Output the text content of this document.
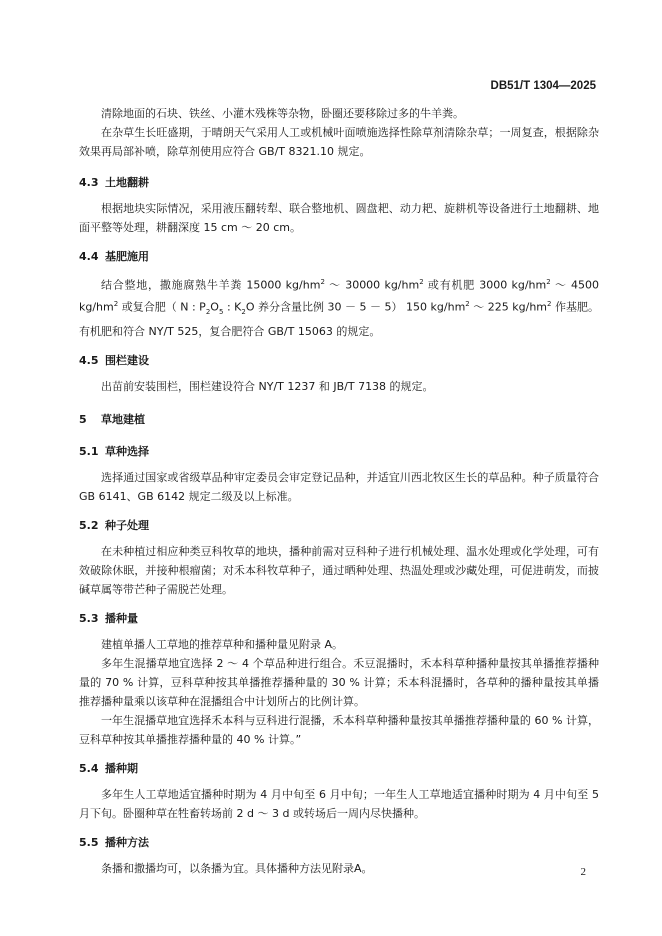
DB51/T 1304—2025

清除地面的石块、铁丝、小灌木残株等杂物，卧圈还要移除过多的牛羊粪。

在杂草生长旺盛期，于晴朗天气采用人工或机械叶面喷施选择性除草剂清除杂草；一周复查，根据除杂效果再局部补喷，除草剂使用应符合 GB/T 8321.10 规定。

4.3 土地翻耕

根据地块实际情况，采用液压翻转犁、联合整地机、圆盘耙、动力耙、旋耕机等设备进行土地翻耕、地面平整等处理，耕翻深度 15 cm ～ 20 cm。

4.4 基肥施用

结合整地，撒施腐熟牛羊粪 15000 $kg/hm^2$ ～ 30000 $kg/hm^2$ 或有机肥 3000 $kg/hm^2$ ～ 4500 $kg/hm^2$ 或复合肥（ N : $P_2O_5$ : $K_2O$ 养分含量比例 30 － 5 － 5） 150 $kg/hm^2$ ～ 225 $kg/hm^2$ 作基肥。有机肥和符合 NY/T 525，复合肥符合 GB/T 15063 的规定。

4.5 围栏建设

出苗前安装围栏，围栏建设符合 NY/T 1237 和 JB/T 7138 的规定。

5	草地建植
5.1 草种选择

选择通过国家或省级草品种审定委员会审定登记品种，并适宜川西北牧区生长的草品种。种子质量符合 GB 6141、GB 6142 规定二级及以上标准。

5.2 种子处理

在未种植过相应种类豆科牧草的地块，播种前需对豆科种子进行机械处理、温水处理或化学处理，可有效破除休眠，并接种根瘤菌；对禾本科牧草种子，通过晒种处理、热温处理或沙藏处理，可促进萌发，而披碱草属等带芒种子需脱芒处理。

5.3 播种量

建植单播人工草地的推荐草种和播种量见附录 A。

多年生混播草地宜选择 2 ～ 4 个草品种进行组合。禾豆混播时，禾本科草种播种量按其单播推荐播种量的 70 % 计算，豆科草种按其单播推荐播种量的 30 % 计算；禾本科混播时，各草种的播种量按其单播推荐播种量乘以该草种在混播组合中计划所占的比例计算。

一年生混播草地宜选择禾本科与豆科进行混播，禾本科草种播种量按其单播推荐播种量的 60 % 计算，豆科草种按其单播推荐播种量的 40 % 计算。”

5.4 播种期

多年生人工草地适宜播种时期为 4 月中旬至 6 月中旬；一年生人工草地适宜播种时期为 4 月中旬至 5 月下旬。卧圈种草在牲畜转场前 2 d ～ 3 d 或转场后一周内尽快播种。

5.5 播种方法

条播和撒播均可，以条播为宜。具体播种方法见附录A。	2
